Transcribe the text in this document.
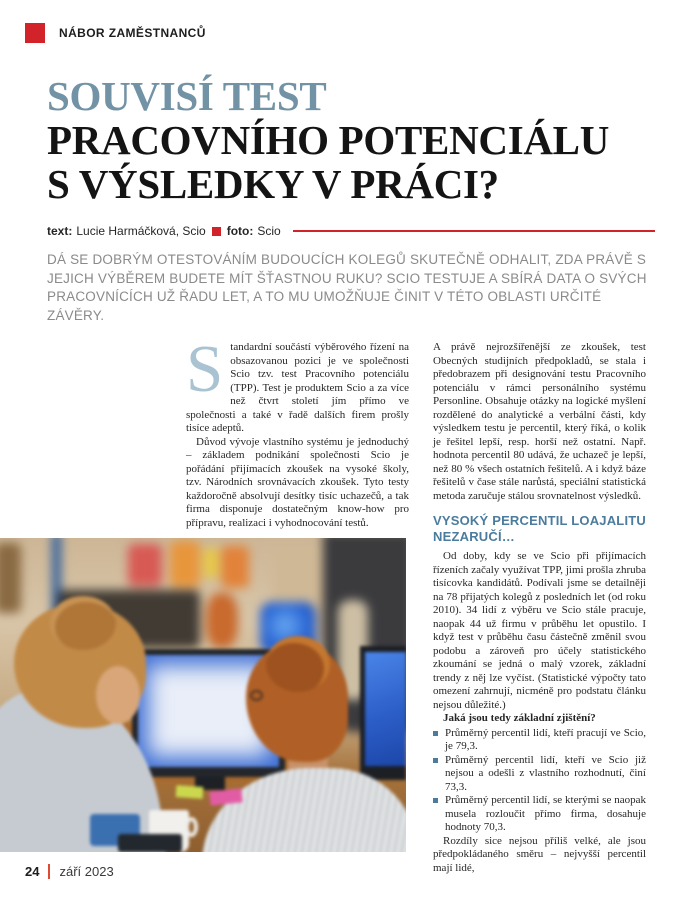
NÁBOR ZAMĚSTNANCŮ
SOUVISÍ TEST
PRACOVNÍHO POTENCIÁLU
S VÝSLEDKY V PRÁCI?
text: Lucie Harmáčková, Scio foto: Scio

DÁ SE DOBRÝM OTESTOVÁNÍM BUDOUCÍCH KOLEGŮ SKUTEČNĚ ODHALIT, ZDA PRÁVĚ S JEJICH VÝBĚREM BUDETE MÍT ŠŤASTNOU RUKU? SCIO TESTUJE A SBÍRÁ DATA O SVÝCH PRACOVNÍCÍCH UŽ ŘADU LET, A TO MU UMOŽŇUJE ČINIT V TÉTO OBLASTI URČITÉ ZÁVĚRY.

Standardní součástí výběrového řízení na obsazovanou pozici je ve společnosti Scio tzv. test Pracovního potenciálu (TPP). Test je produktem Scio a za více než čtvrt století jím přímo ve společnosti a také v řadě dalších firem prošly tisíce adeptů.

Důvod vývoje vlastního systému je jednoduchý – základem podnikání společnosti Scio je pořádání přijímacích zkoušek na vysoké školy, tzv. Národních srovnávacích zkoušek. Tyto testy každoročně absolvují desítky tisíc uchazečů, a tak firma disponuje dostatečným know-how pro přípravu, realizaci i vyhodnocování testů.

A právě nejrozšířenější ze zkoušek, test Obecných studijních předpokladů, se stala i předobrazem při designování testu Pracovního potenciálu v rámci personálního systému Personline. Obsahuje otázky na logické myšlení rozdělené do analytické a verbální části, kdy výsledkem testu je percentil, který říká, o kolik je řešitel lepší, resp. horší než ostatní. Např. hodnota percentil 80 udává, že uchazeč je lepší, než 80 % všech ostatních řešitelů. A i když báze řešitelů v čase stále narůstá, speciální statistická metoda zaručuje stálou srovnatelnost výsledků.

VYSOKÝ PERCENTIL LOAJALITU NEZARUČÍ…

Od doby, kdy se ve Scio při přijímacích řízeních začaly využívat TPP, jimi prošla zhruba tisícovka kandidátů. Podívali jsme se detailněji na 78 přijatých kolegů z posledních let (od roku 2010). 34 lidí z výběru ve Scio stále pracuje, naopak 44 už firmu v průběhu let opustilo. I když test v průběhu času částečně změnil svou podobu a zároveň pro účely statistického zkoumání se jedná o malý vzorek, základní trendy z něj lze vyčíst. (Statistické výpočty tato omezení zahrnují, nicméně pro podstatu článku nejsou důležité.)

Jaká jsou tedy základní zjištění?

Průměrný percentil lidí, kteří pracují ve Scio, je 79,3.
Průměrný percentil lidí, kteří ve Scio již nejsou a odešli z vlastního rozhodnutí, činí 73,3.
Průměrný percentil lidí, se kterými se naopak musela rozloučit přímo firma, dosahuje hodnoty 70,3.

Rozdíly sice nejsou příliš velké, ale jsou předpokládaného směru – nejvyšší percentil mají lidé,

24 září 2023
